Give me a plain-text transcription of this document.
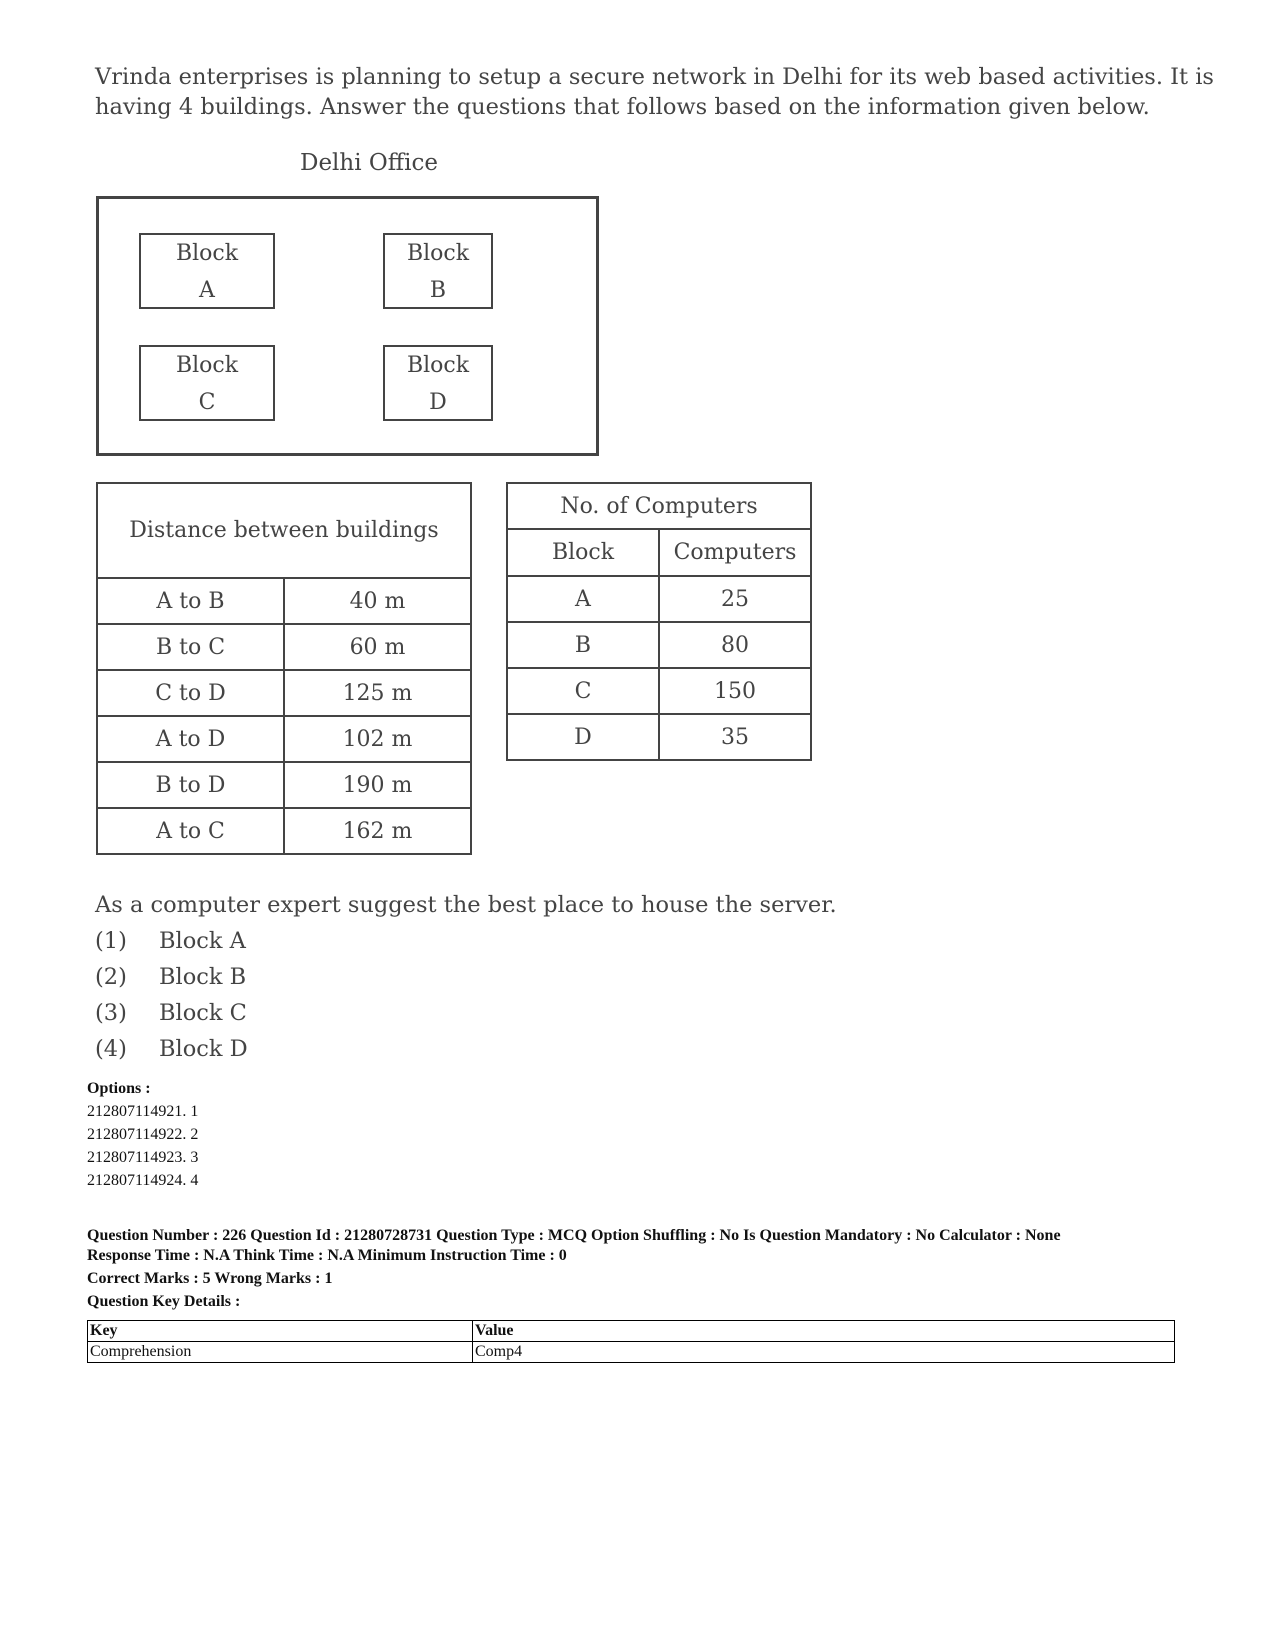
Vrinda enterprises is planning to setup a secure network in Delhi for its web based activities. It is
having 4 buildings. Answer the questions that follows based on the information given below.
Delhi Office
Block
A
Block
B
Block
C
Block
D
Distance between buildings	
A to B	40 m
B to C	60 m
C to D	125 m
A to D	102 m
B to D	190 m
A to C	162 m
No. of Computers	
Block	Computers
A	25
B	80
C	150
D	35
As a computer expert suggest the best place to house the server.
(1) Block A
(2) Block B
(3) Block C
(4) Block D
Options :
212807114921. 1
212807114922. 2
212807114923. 3
212807114924. 4
Question Number : 226 Question Id : 21280728731 Question Type : MCQ Option Shuffling : No Is Question Mandatory : No Calculator : None
Response Time : N.A Think Time : N.A Minimum Instruction Time : 0
Correct Marks : 5 Wrong Marks : 1
Question Key Details :
Key	Value
Comprehension	Comp4
